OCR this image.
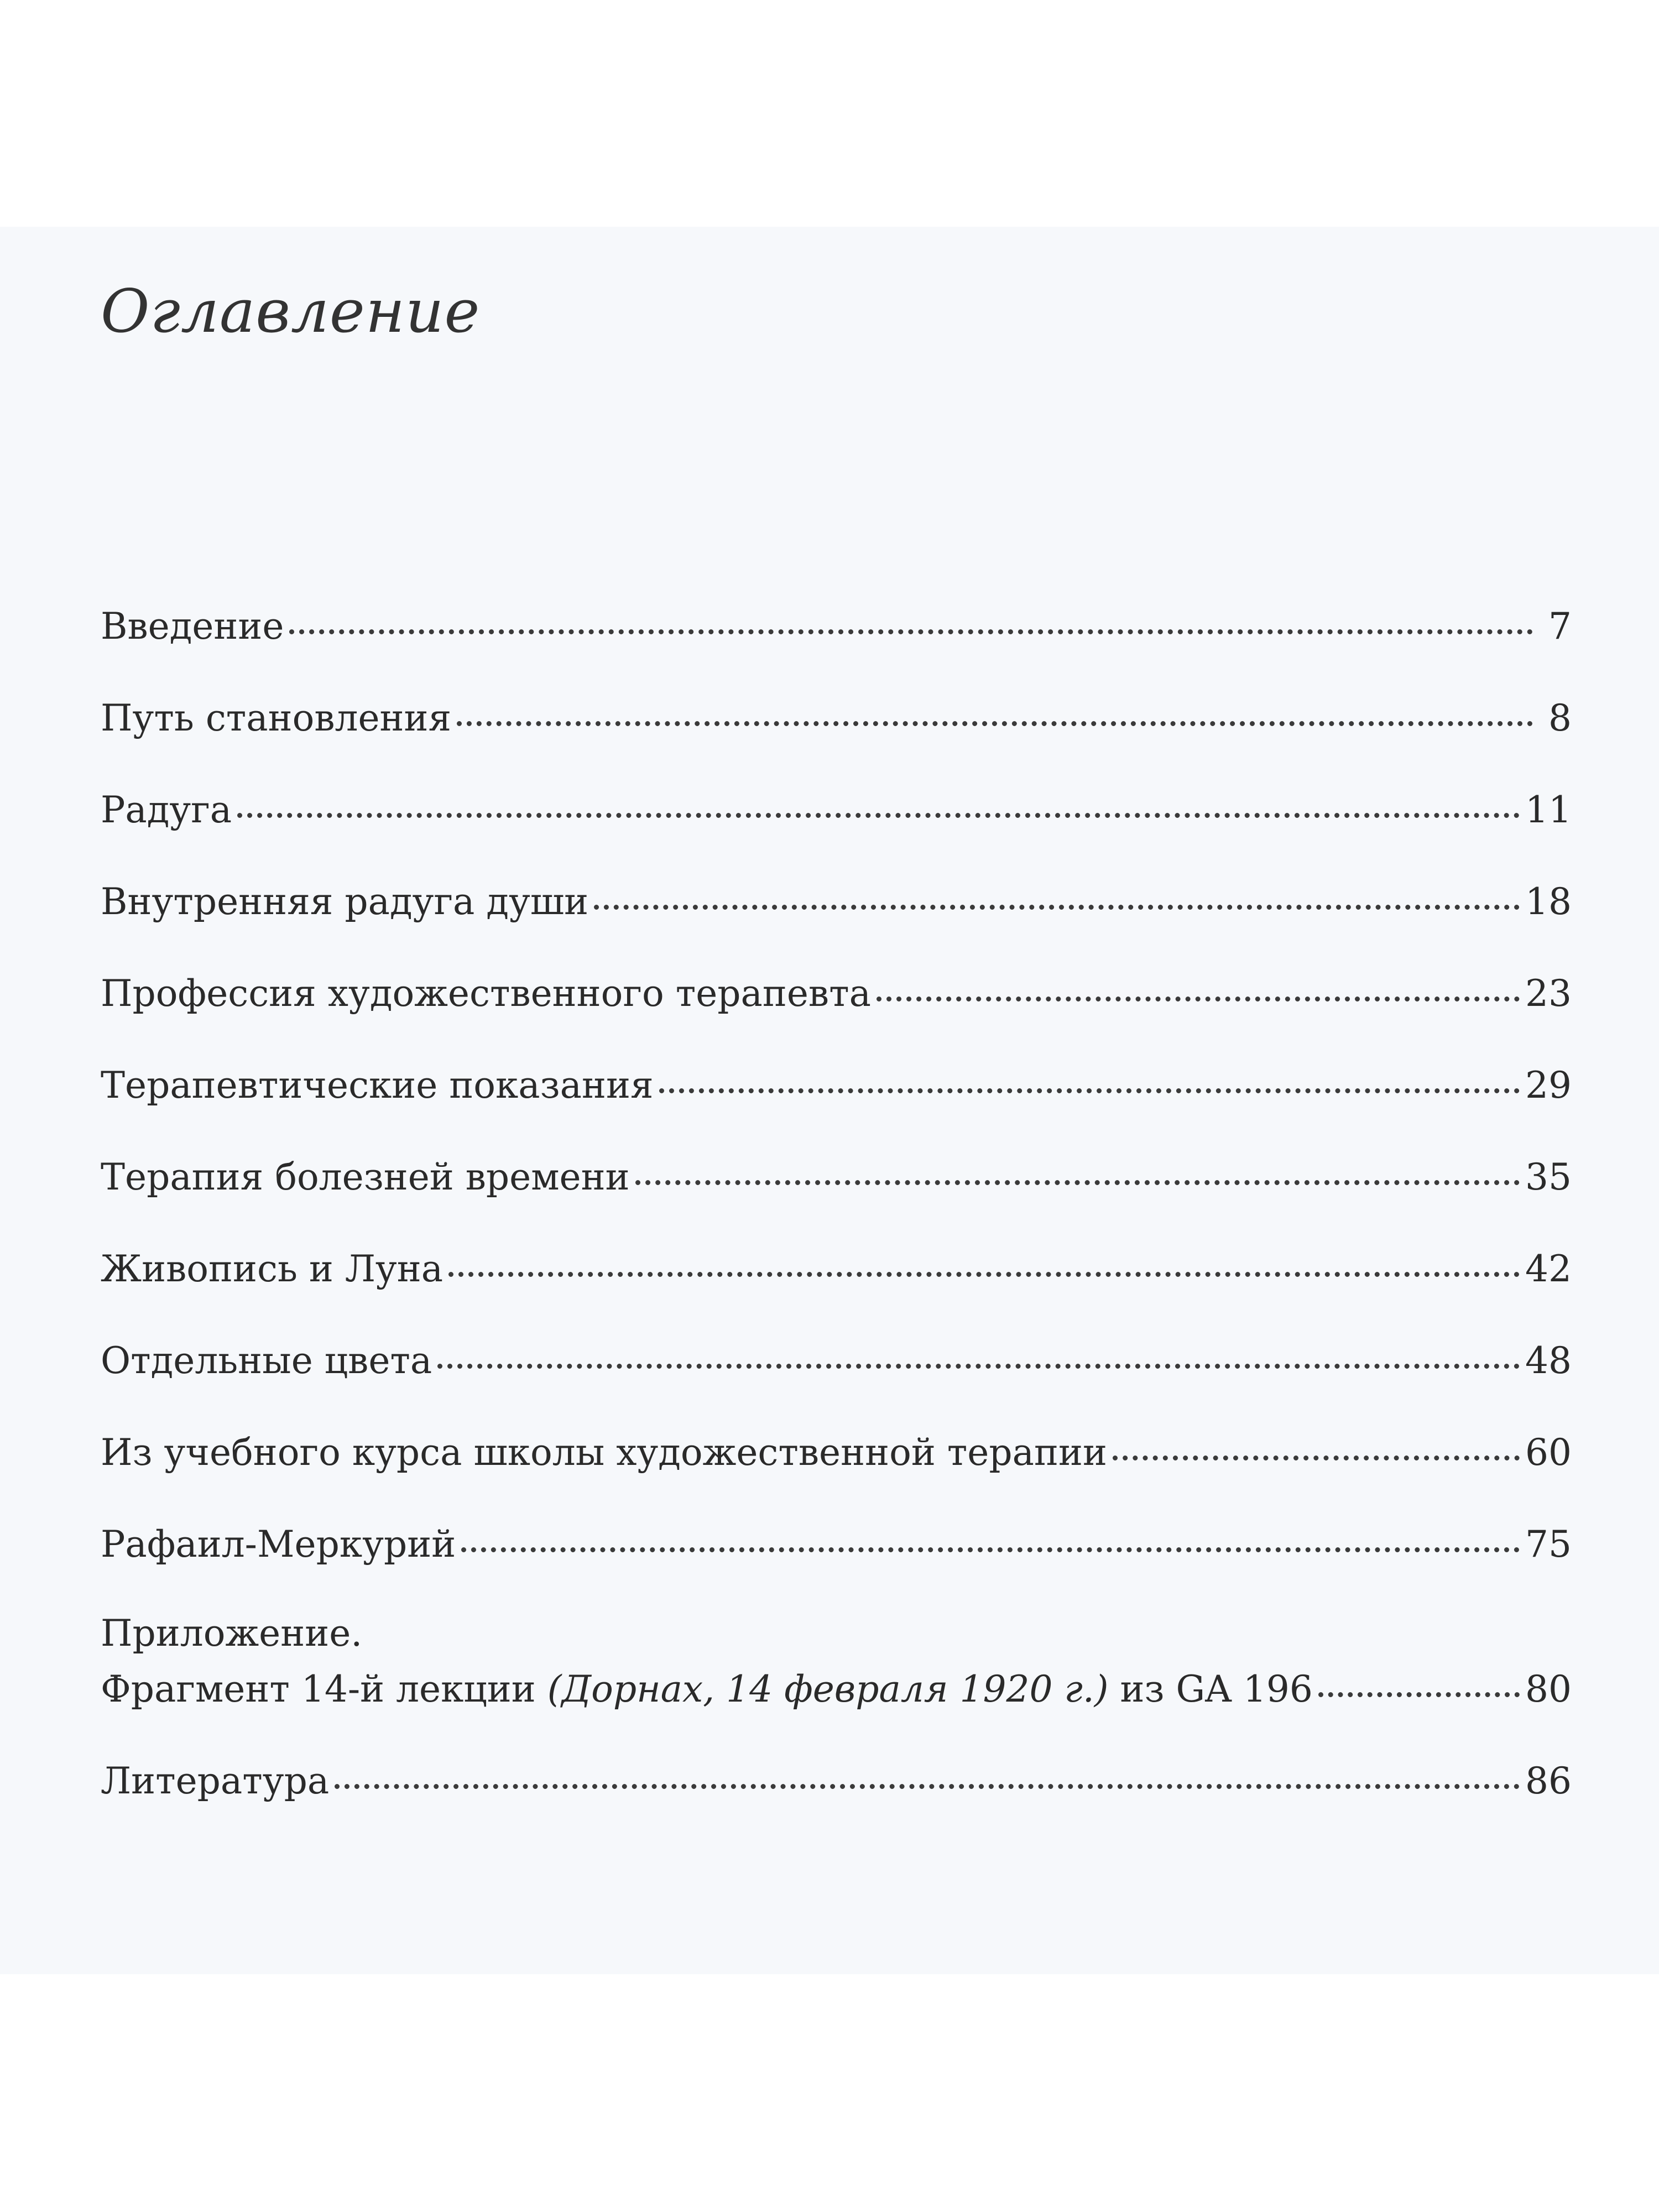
Оглавление
Введение	7
Путь становления	8
Радуга	11
Внутренняя радуга души	18
Профессия художественного терапевта	23
Терапевтические показания	29
Терапия болезней времени	35
Живопись и Луна	42
Отдельные цвета	48
Из учебного курса школы художественной терапии	60
Рафаил-Меркурий	75
Приложение.
Фрагмент 14-й лекции (Дорнах, 14 февраля 1920 г.) из GA 196	80
Литература	86
